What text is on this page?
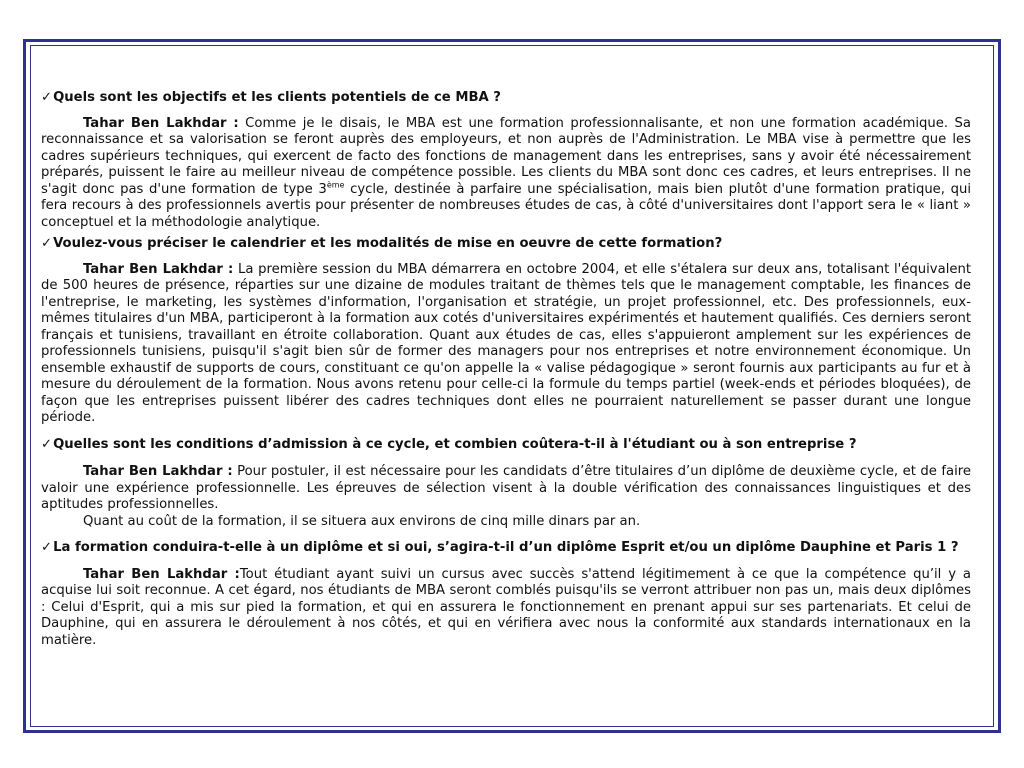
✓Quels sont les objectifs et les clients potentiels de ce MBA ?

Tahar Ben Lakhdar : Comme je le disais, le MBA est une formation professionnalisante, et non une formation académique. Sa reconnaissance et sa valorisation se feront auprès des employeurs, et non auprès de l'Administration. Le MBA vise à permettre que les cadres supérieurs techniques, qui exercent de facto des fonctions de management dans les entreprises, sans y avoir été nécessairement préparés, puissent le faire au meilleur niveau de compétence possible. Les clients du MBA sont donc ces cadres, et leurs entreprises. Il ne s'agit donc pas d'une formation de type 3ème cycle, destinée à parfaire une spécialisation, mais bien plutôt d'une formation pratique, qui fera recours à des professionnels avertis pour présenter de nombreuses études de cas, à côté d'universitaires dont l'apport sera le « liant » conceptuel et la méthodologie analytique.

✓Voulez-vous préciser le calendrier et les modalités de mise en oeuvre de cette formation?

Tahar Ben Lakhdar : La première session du MBA démarrera en octobre 2004, et elle s'étalera sur deux ans, totalisant l'équivalent de 500 heures de présence, réparties sur une dizaine de modules traitant de thèmes tels que le management comptable, les finances de l'entreprise, le marketing, les systèmes d'information, l'organisation et stratégie, un projet professionnel, etc. Des professionnels, eux-mêmes titulaires d'un MBA, participeront à la formation aux cotés d'universitaires expérimentés et hautement qualifiés. Ces derniers seront français et tunisiens, travaillant en étroite collaboration. Quant aux études de cas, elles s'appuieront amplement sur les expériences de professionnels tunisiens, puisqu'il s'agit bien sûr de former des managers pour nos entreprises et notre environnement économique. Un ensemble exhaustif de supports de cours, constituant ce qu'on appelle la « valise pédagogique » seront fournis aux participants au fur et à mesure du déroulement de la formation. Nous avons retenu pour celle-ci la formule du temps partiel (week-ends et périodes bloquées), de façon que les entreprises puissent libérer des cadres techniques dont elles ne pourraient naturellement se passer durant une longue période.

✓Quelles sont les conditions d’admission à ce cycle, et combien coûtera-t-il à l'étudiant ou à son entreprise ?

Tahar Ben Lakhdar : Pour postuler, il est nécessaire pour les candidats d’être titulaires d’un diplôme de deuxième cycle, et de faire valoir une expérience professionnelle. Les épreuves de sélection visent à la double vérification des connaissances linguistiques et des aptitudes professionnelles.

Quant au coût de la formation, il se situera aux environs de cinq mille dinars par an.

✓La formation conduira-t-elle à un diplôme et si oui, s’agira-t-il d’un diplôme Esprit et/ou un diplôme Dauphine et Paris 1 ?

Tahar Ben Lakhdar :Tout étudiant ayant suivi un cursus avec succès s'attend légitimement à ce que la compétence qu’il y a acquise lui soit reconnue. A cet égard, nos étudiants de MBA seront comblés puisqu'ils se verront attribuer non pas un, mais deux diplômes : Celui d'Esprit, qui a mis sur pied la formation, et qui en assurera le fonctionnement en prenant appui sur ses partenariats. Et celui de Dauphine, qui en assurera le déroulement à nos côtés, et qui en vérifiera avec nous la conformité aux standards internationaux en la matière.
